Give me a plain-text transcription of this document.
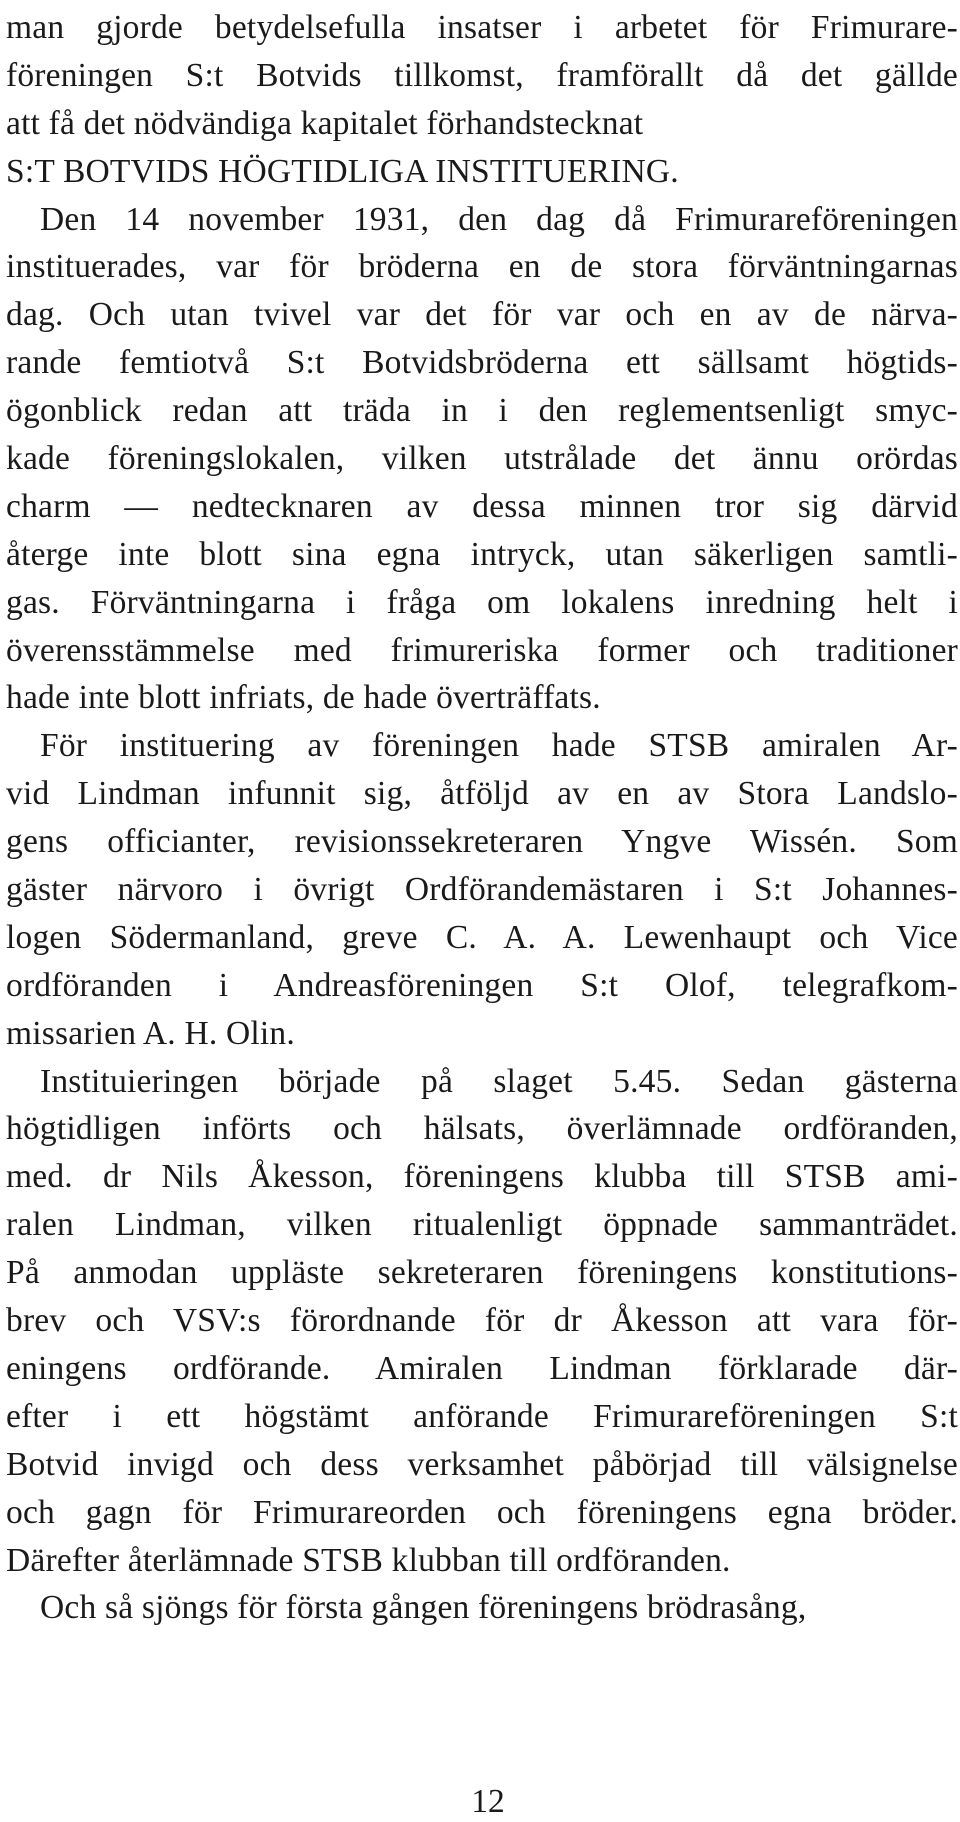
man gjorde betydelsefulla insatser i arbetet för Frimurare-
föreningen S:t Botvids tillkomst, framförallt då det gällde
att få det nödvändiga kapitalet förhandstecknat
S:T BOTVIDS HÖGTIDLIGA INSTITUERING.
Den 14 november 1931, den dag då Frimurareföreningen
instituerades, var för bröderna en de stora förväntningarnas
dag. Och utan tvivel var det för var och en av de närva-
rande femtiotvå S:t Botvidsbröderna ett sällsamt högtids-
ögonblick redan att träda in i den reglementsenligt smyc-
kade föreningslokalen, vilken utstrålade det ännu orördas
charm — nedtecknaren av dessa minnen tror sig därvid
återge inte blott sina egna intryck, utan säkerligen samtli-
gas. Förväntningarna i fråga om lokalens inredning helt i
överensstämmelse med frimureriska former och traditioner
hade inte blott infriats, de hade överträffats.
För instituering av föreningen hade STSB amiralen Ar-
vid Lindman infunnit sig, åtföljd av en av Stora Landslo-
gens officianter, revisionssekreteraren Yngve Wissén. Som
gäster närvoro i övrigt Ordförandemästaren i S:t Johannes-
logen Södermanland, greve C. A. A. Lewenhaupt och Vice
ordföranden i Andreasföreningen S:t Olof, telegrafkom-
missarien A. H. Olin.
Instituieringen började på slaget 5.45. Sedan gästerna
högtidligen införts och hälsats, överlämnade ordföranden,
med. dr Nils Åkesson, föreningens klubba till STSB ami-
ralen Lindman, vilken ritualenligt öppnade sammanträdet.
På anmodan uppläste sekreteraren föreningens konstitutions-
brev och VSV:s förordnande för dr Åkesson att vara för-
eningens ordförande. Amiralen Lindman förklarade där-
efter i ett högstämt anförande Frimurareföreningen S:t
Botvid invigd och dess verksamhet påbörjad till välsignelse
och gagn för Frimurareorden och föreningens egna bröder.
Därefter återlämnade STSB klubban till ordföranden.
Och så sjöngs för första gången föreningens brödrasång,
12
